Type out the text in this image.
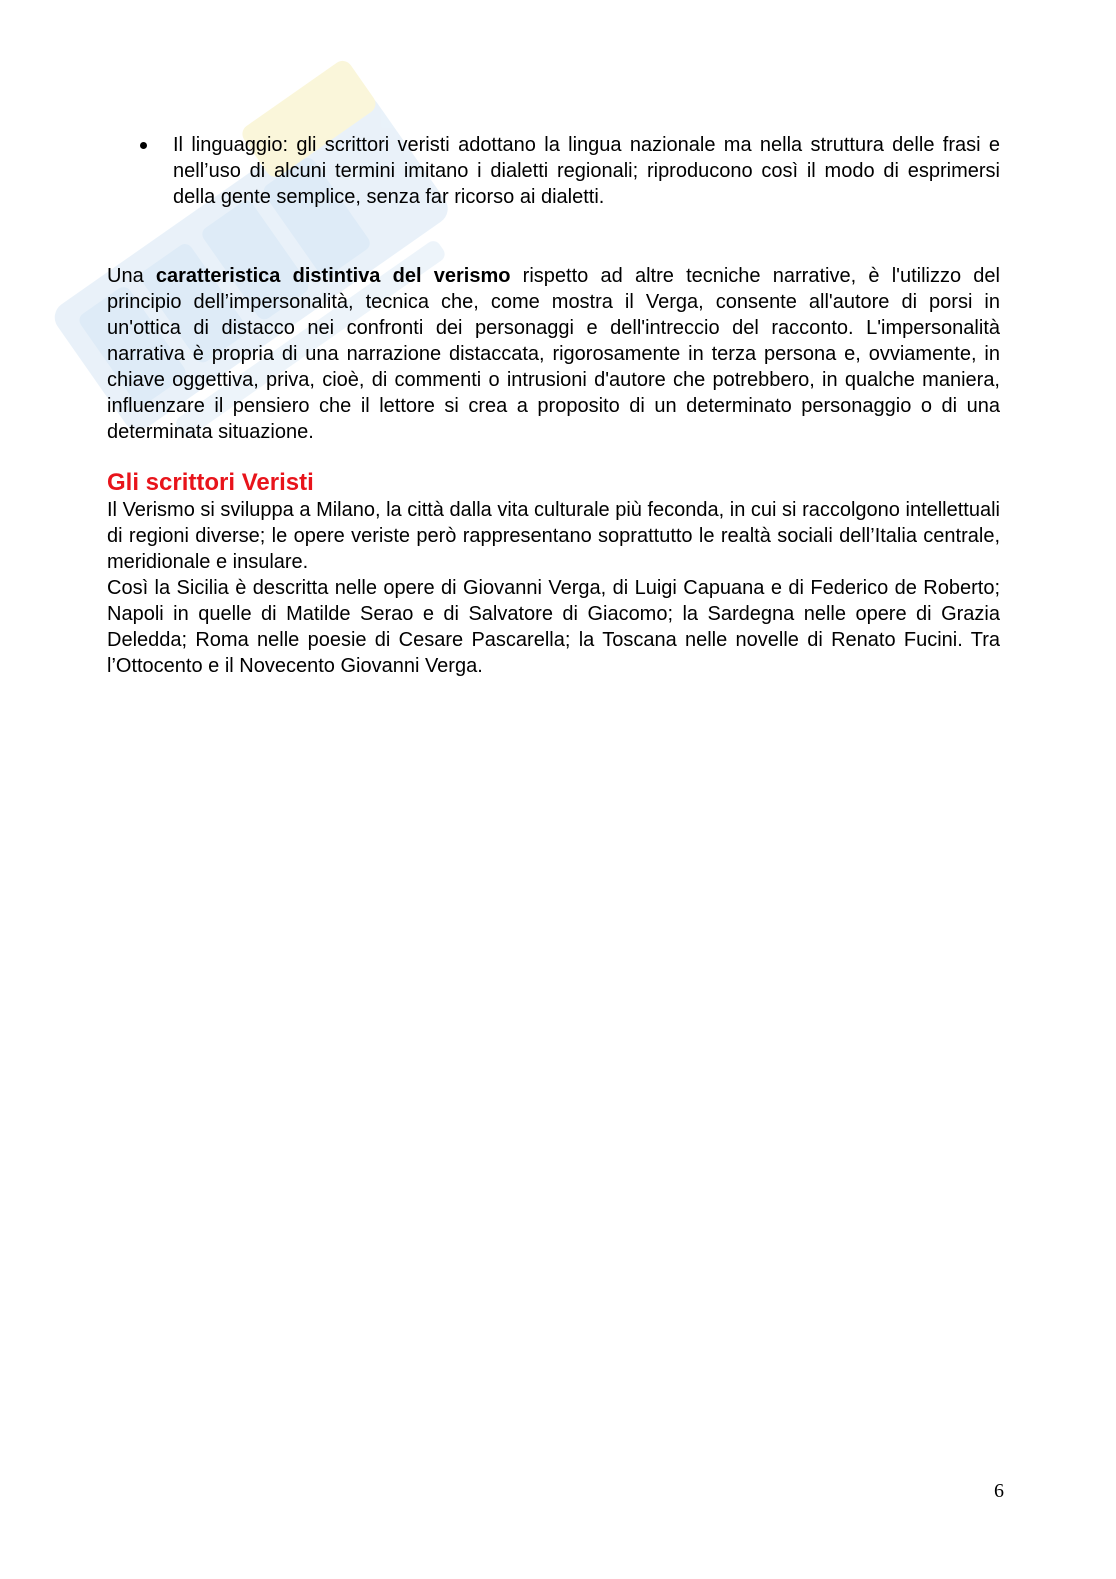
Il linguaggio: gli scrittori veristi adottano la lingua nazionale ma nella struttura delle frasi e nell’uso di alcuni termini imitano i dialetti regionali; riproducono così il modo di esprimersi della gente semplice, senza far ricorso ai dialetti.

Una caratteristica distintiva del verismo rispetto ad altre tecniche narrative, è l'utilizzo del principio dell’impersonalità, tecnica che, come mostra il Verga, consente all'autore di porsi in un'ottica di distacco nei confronti dei personaggi e dell'intreccio del racconto. L'impersonalità narrativa è propria di una narrazione distaccata, rigorosamente in terza persona e, ovviamente, in chiave oggettiva, priva, cioè, di commenti o intrusioni d'autore che potrebbero, in qualche maniera, influenzare il pensiero che il lettore si crea a proposito di un determinato personaggio o di una determinata situazione.

Gli scrittori Veristi

Il Verismo si sviluppa a Milano, la città dalla vita culturale più feconda, in cui si raccolgono intellettuali di regioni diverse; le opere veriste però rappresentano soprattutto le realtà sociali dell’Italia centrale, meridionale e insulare.

Così la Sicilia è descritta nelle opere di Giovanni Verga, di Luigi Capuana e di Federico de Roberto; Napoli in quelle di Matilde Serao e di Salvatore di Giacomo; la Sardegna nelle opere di Grazia Deledda; Roma nelle poesie di Cesare Pascarella; la Toscana nelle novelle di Renato Fucini. Tra l’Ottocento e il Novecento Giovanni Verga.

6
